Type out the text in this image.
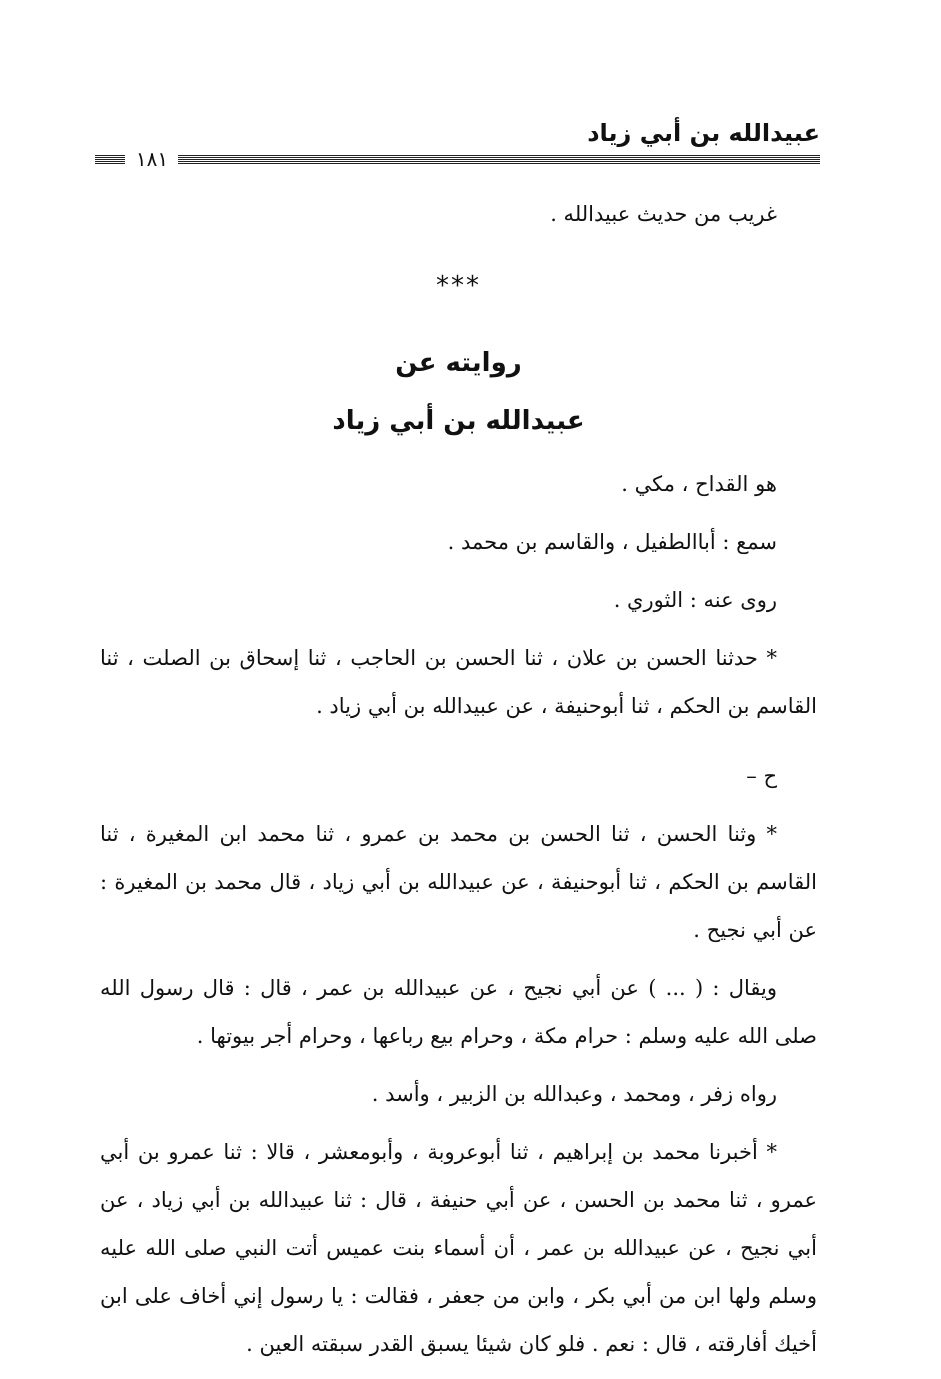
عبيدالله بن أبي زياد
١٨١

غريب من حديث عبيدالله .

***

روايته عن

عبيدالله بن أبي زياد

هو القداح ، مكي .

سمع : أباالطفيل ، والقاسم بن محمد .

روى عنه : الثوري .

* حدثنا الحسن بن علان ، ثنا الحسن بن الحاجب ، ثنا إسحاق بن الصلت ، ثنا القاسم بن الحكم ، ثنا أبوحنيفة ، عن عبيدالله بن أبي زياد .

ح –

* وثنا الحسن ، ثنا الحسن بن محمد بن عمرو ، ثنا محمد ابن المغيرة ، ثنا القاسم بن الحكم ، ثنا أبوحنيفة ، عن عبيدالله بن أبي زياد ، قال محمد بن المغيرة : عن أبي نجيح .

ويقال : ( ... ) عن أبي نجيح ، عن عبيدالله بن عمر ، قال : قال رسول الله صلى الله عليه وسلم : حرام مكة ، وحرام بيع رباعها ، وحرام أجر بيوتها .

رواه زفر ، ومحمد ، وعبدالله بن الزبير ، وأسد .

* أخبرنا محمد بن إبراهيم ، ثنا أبوعروبة ، وأبومعشر ، قالا : ثنا عمرو بن أبي عمرو ، ثنا محمد بن الحسن ، عن أبي حنيفة ، قال : ثنا عبيدالله بن أبي زياد ، عن أبي نجيح ، عن عبيدالله بن عمر ، أن أسماء بنت عميس أتت النبي صلى الله عليه وسلم ولها ابن من أبي بكر ، وابن من جعفر ، فقالت : يا رسول إني أخاف على ابن أخيك أفارقته ، قال : نعم . فلو كان شيئا يسبق القدر سبقته العين .
